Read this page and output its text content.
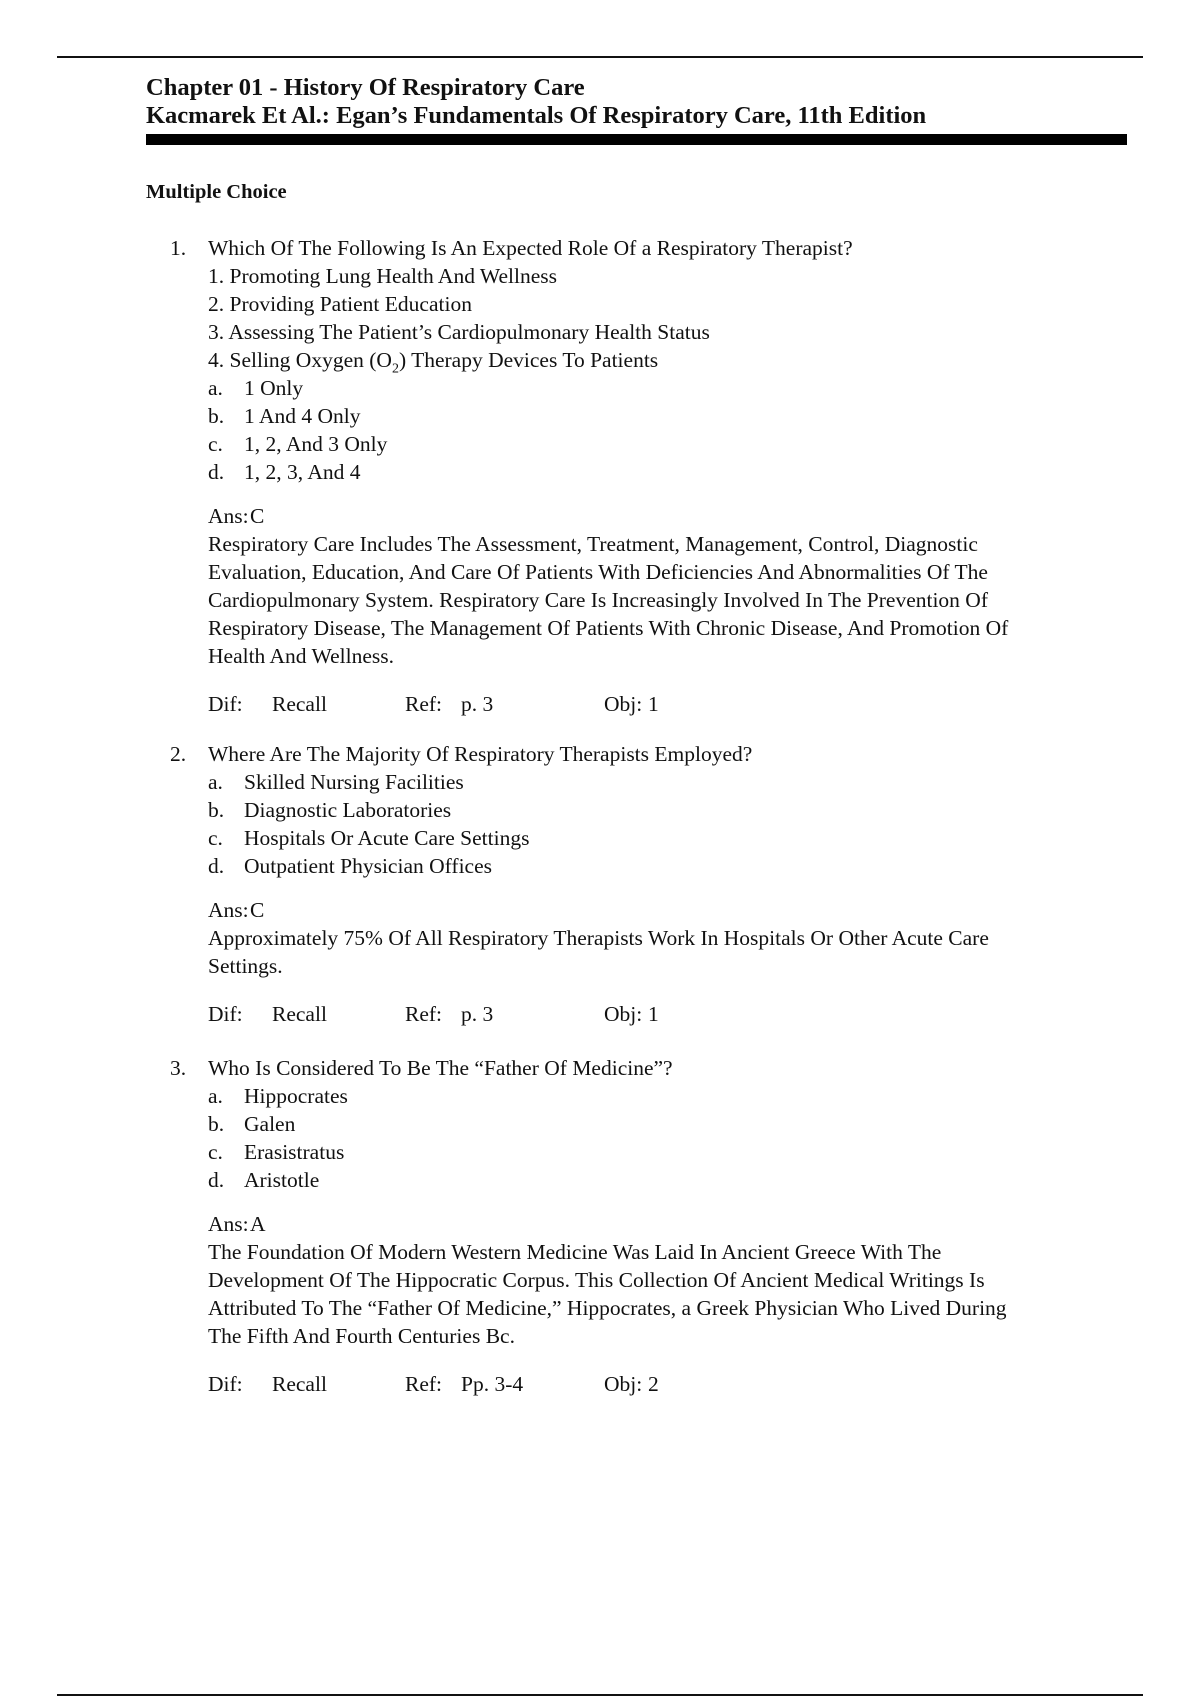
Chapter 01 - History Of Respiratory Care
Kacmarek Et Al.: Egan’s Fundamentals Of Respiratory Care, 11th Edition
Multiple Choice
1.	Which Of The Following Is An Expected Role Of a Respiratory Therapist?
1. Promoting Lung Health And Wellness
2. Providing Patient Education
3. Assessing The Patient’s Cardiopulmonary Health Status
4. Selling Oxygen $(O_2)$ Therapy Devices To Patients
a. 1 Only
b. 1 And 4 Only
c. 1, 2, And 3 Only
d. 1, 2, 3, And 4
Ans:C
Respiratory Care Includes The Assessment, Treatment, Management, Control, Diagnostic
Evaluation, Education, And Care Of Patients With Deficiencies And Abnormalities Of The
Cardiopulmonary System. Respiratory Care Is Increasingly Involved In The Prevention Of
Respiratory Disease, The Management Of Patients With Chronic Disease, And Promotion Of
Health And Wellness.
Dif:	Recall	Ref: p. 3	Obj: 1
2.	Where Are The Majority Of Respiratory Therapists Employed?
a. Skilled Nursing Facilities
b. Diagnostic Laboratories
c. Hospitals Or Acute Care Settings
d. Outpatient Physician Offices
Ans:C
Approximately 75% Of All Respiratory Therapists Work In Hospitals Or Other Acute Care
Settings.
Dif:	Recall	Ref: p. 3	Obj: 1
3.	Who Is Considered To Be The “Father Of Medicine”?
a. Hippocrates
b. Galen
c. Erasistratus
d. Aristotle
Ans:A
The Foundation Of Modern Western Medicine Was Laid In Ancient Greece With The
Development Of The Hippocratic Corpus. This Collection Of Ancient Medical Writings Is
Attributed To The “Father Of Medicine,” Hippocrates, a Greek Physician Who Lived During
The Fifth And Fourth Centuries Bc.
Dif:	Recall	Ref: Pp. 3-4	Obj: 2
